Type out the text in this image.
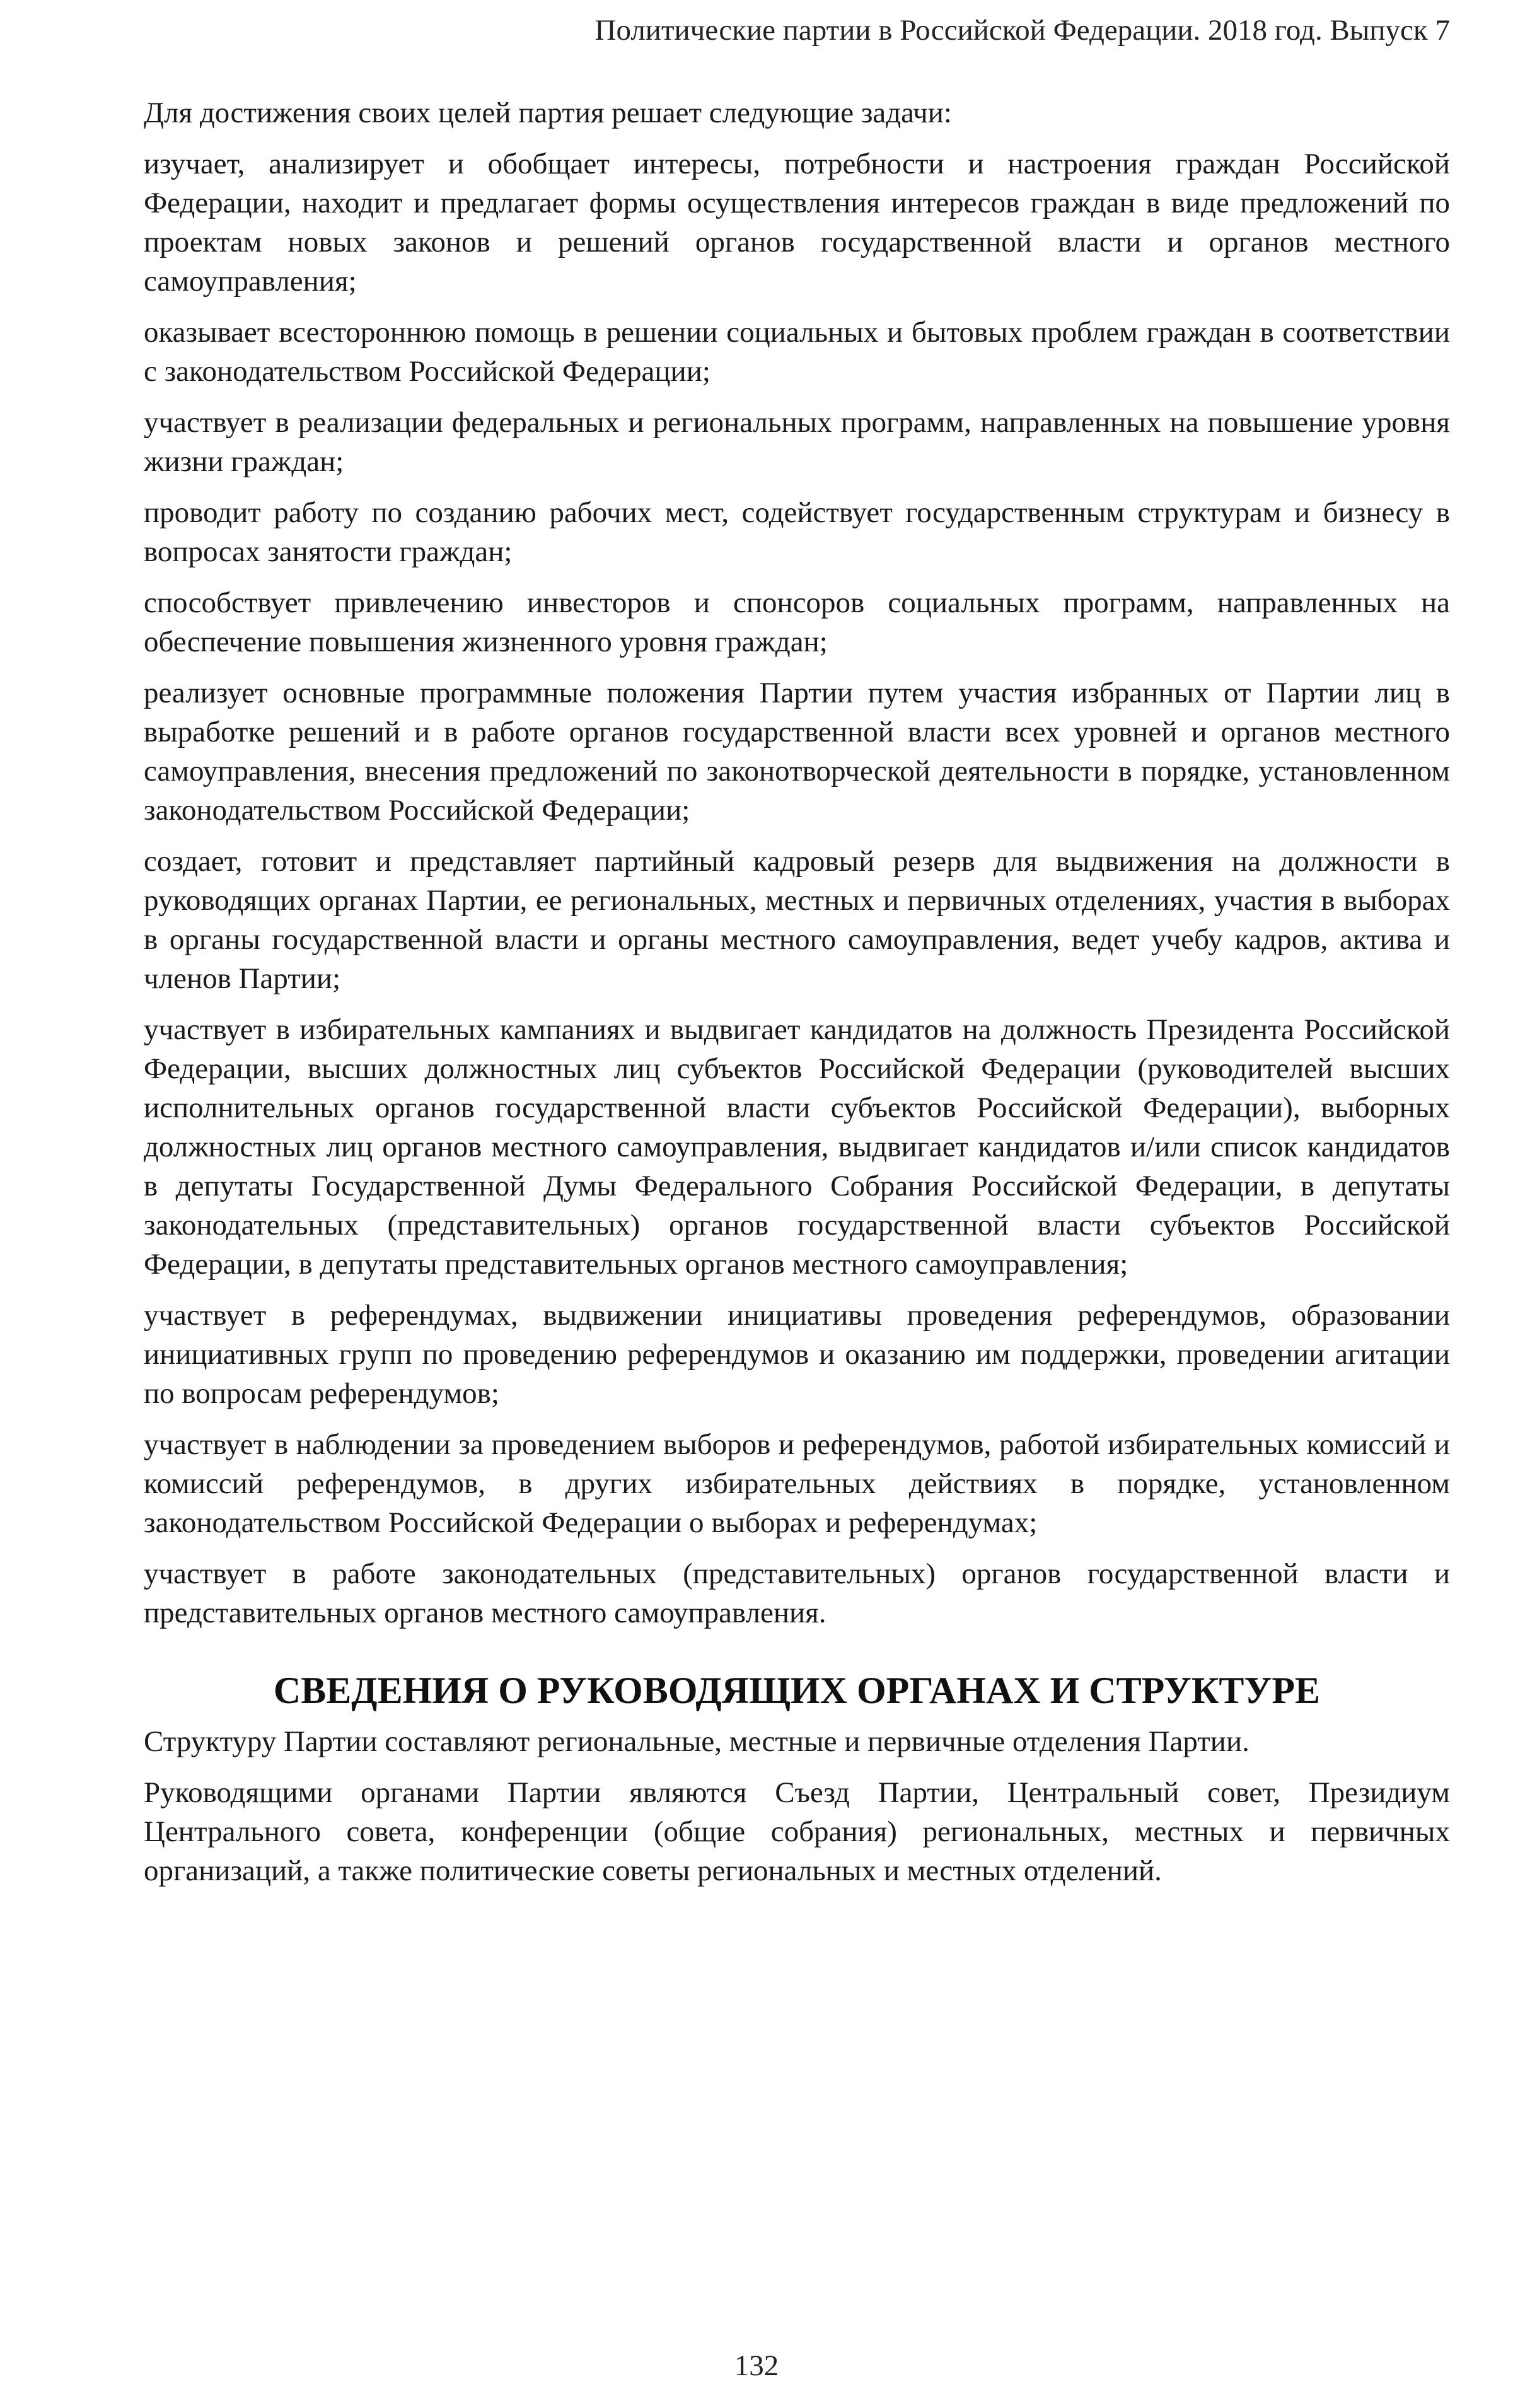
Политические партии в Российской Федерации. 2018 год. Выпуск 7

Для достижения своих целей партия решает следующие задачи:

изучает, анализирует и обобщает интересы, потребности и настроения граждан Российской Федерации, находит и предлагает формы осуществления интересов граждан в виде предложений по проектам новых законов и решений органов государственной власти и органов местного самоуправления;

оказывает всестороннюю помощь в решении социальных и бытовых проблем граждан в соответствии с законодательством Российской Федерации;

участвует в реализации федеральных и региональных программ, направленных на повышение уровня жизни граждан;

проводит работу по созданию рабочих мест, содействует государственным структурам и бизнесу в вопросах занятости граждан;

способствует привлечению инвесторов и спонсоров социальных программ, направленных на обеспечение повышения жизненного уровня граждан;

реализует основные программные положения Партии путем участия избранных от Партии лиц в выработке решений и в работе органов государственной власти всех уровней и органов местного самоуправления, внесения предложений по законотворческой деятельности в порядке, установленном законодательством Российской Федерации;

создает, готовит и представляет партийный кадровый резерв для выдвижения на должности в руководящих органах Партии, ее региональных, местных и первичных отделениях, участия в выборах в органы государственной власти и органы местного самоуправления, ведет учебу кадров, актива и членов Партии;

участвует в избирательных кампаниях и выдвигает кандидатов на должность Президента Российской Федерации, высших должностных лиц субъектов Российской Федерации (руководителей высших исполнительных органов государственной власти субъектов Российской Федерации), выборных должностных лиц органов местного самоуправления, выдвигает кандидатов и/или список кандидатов в депутаты Государственной Думы Федерального Собрания Российской Федерации, в депутаты законодательных (представительных) органов государственной власти субъектов Российской Федерации, в депутаты представительных органов местного самоуправления;

участвует в референдумах, выдвижении инициативы проведения референдумов, образовании инициативных групп по проведению референдумов и оказанию им поддержки, проведении агитации по вопросам референдумов;

участвует в наблюдении за проведением выборов и референдумов, работой избирательных комиссий и комиссий референдумов, в других избирательных действиях в порядке, установленном законодательством Российской Федерации о выборах и референдумах;

участвует в работе законодательных (представительных) органов государственной власти и представительных органов местного самоуправления.

СВЕДЕНИЯ О РУКОВОДЯЩИХ ОРГАНАХ И СТРУКТУРЕ

Структуру Партии составляют региональные, местные и первичные отделения Партии.

Руководящими органами Партии являются Съезд Партии, Центральный совет, Президиум Центрального совета, конференции (общие собрания) региональных, местных и первичных организаций, а также политические советы региональных и местных отделений.

132
